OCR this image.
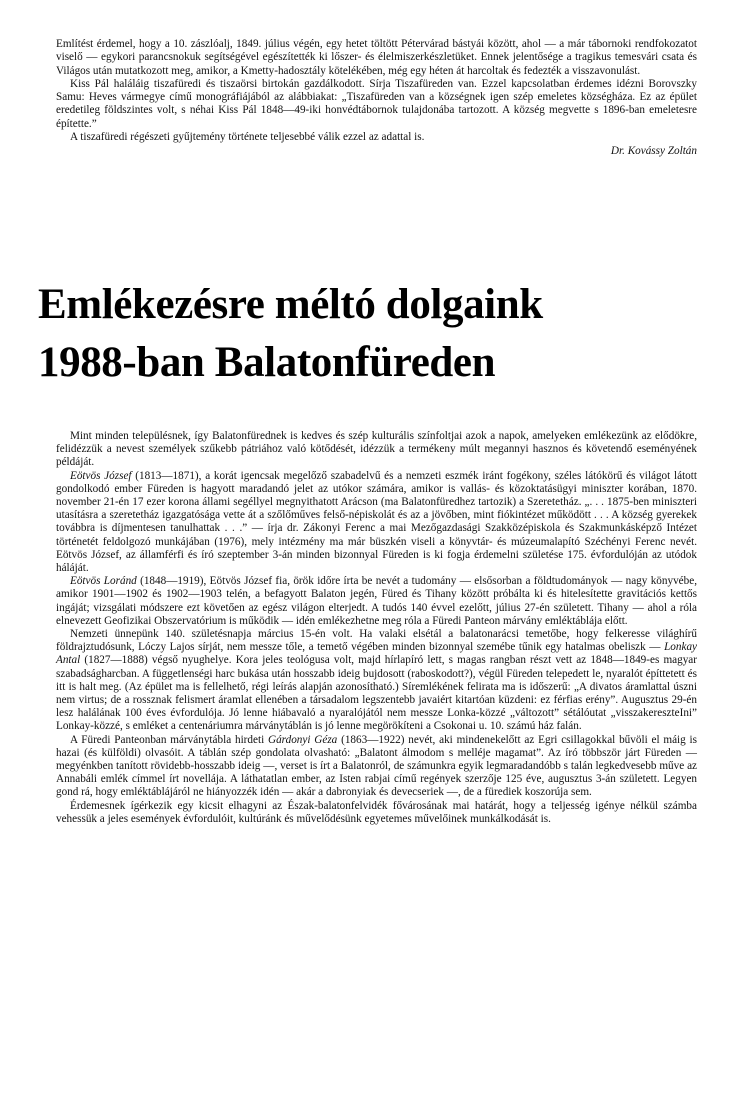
Említést érdemel, hogy a 10. zászlóalj, 1849. július végén, egy hetet töltött Pétervárad bástyái között, ahol — a már tábornoki rendfokozatot viselő — egykori parancsnokuk segítségével egészítették ki lőszer- és élelmiszerkészletüket. Ennek jelentősége a tragikus temesvári csata és Világos után mutatkozott meg, amikor, a Kmetty-hadosztály kötelékében, még egy héten át harcoltak és fedezték a visszavonulást.

Kiss Pál haláláig tiszafüredi és tiszaörsi birtokán gazdálkodott. Sírja Tiszafüreden van. Ezzel kapcsolatban érdemes idézni Borovszky Samu: Heves vármegye című monográfiájából az alábbiakat: „Tiszafüreden van a községnek igen szép emeletes községháza. Ez az épület eredetileg földszintes volt, s néhai Kiss Pál 1848—49-iki honvédtábornok tulajdonába tartozott. A község megvette s 1896-ban emeletesre építette.”

A tiszafüredi régészeti gyűjtemény története teljesebbé válik ezzel az adattal is.

Dr. Kovássy Zoltán

Emlékezésre méltó dolgaink
1988-ban Balatonfüreden

Mint minden településnek, így Balatonfürednek is kedves és szép kulturális színfoltjai azok a napok, amelyeken emlékezünk az elődökre, felidézzük a nevest személyek szűkebb pátriához való kötődését, idézzük a termékeny múlt megannyi hasznos és követendő eseményének példáját.

Eötvös József (1813—1871), a korát igencsak megelőző szabadelvű és a nemzeti eszmék iránt fogékony, széles látókörű és világot látott gondolkodó ember Füreden is hagyott maradandó jelet az utókor számára, amikor is vallás- és közoktatásügyi miniszter korában, 1870. november 21-én 17 ezer korona állami segéllyel megnyithatott Arácson (ma Balatonfüredhez tartozik) a Szeretetház. „. . . 1875-ben miniszteri utasításra a szeretetház igazgatósága vette át a szőlőműves felső-népiskolát és az a jövőben, mint fiókintézet működött . . . A község gyerekek továbbra is díjmentesen tanulhattak . . .” — írja dr. Zákonyi Ferenc a mai Mezőgazdasági Szakközépiskola és Szakmunkásképző Intézet történetét feldolgozó munkájában (1976), mely intézmény ma már büszkén viseli a könyvtár- és múzeumalapító Széchényi Ferenc nevét. Eötvös József, az államférfi és író szeptember 3-án minden bizonnyal Füreden is ki fogja érdemelni születése 175. évfordulóján az utódok háláját.

Eötvös Loránd (1848—1919), Eötvös József fia, örök időre írta be nevét a tudomány — elsősorban a földtudományok — nagy könyvébe, amikor 1901—1902 és 1902—1903 telén, a befagyott Balaton jegén, Füred és Tihany között próbálta ki és hitelesítette gravitációs kettős ingáját; vizsgálati módszere ezt követően az egész világon elterjedt. A tudós 140 évvel ezelőtt, július 27-én született. Tihany — ahol a róla elnevezett Geofizikai Obszervatórium is működik — idén emlékezhetne meg róla a Füredi Panteon márvány emléktáblája előtt.

Nemzeti ünnepünk 140. születésnapja március 15-én volt. Ha valaki elsétál a balatonarácsi temetőbe, hogy felkeresse világhírű földrajztudósunk, Lóczy Lajos sírját, nem messze tőle, a temető végében minden bizonnyal szemébe tűnik egy hatalmas obeliszk — Lonkay Antal (1827—1888) végső nyughelye. Kora jeles teológusa volt, majd hírlapíró lett, s magas rangban részt vett az 1848—1849-es magyar szabadságharcban. A függetlenségi harc bukása után hosszabb ideig bujdosott (raboskodott?), végül Füreden telepedett le, nyaralót építtetett és itt is halt meg. (Az épület ma is fellelhető, régi leírás alapján azonosítható.) Síremlékének felirata ma is időszerű: „A divatos áramlattal úszni nem virtus; de a rossznak felismert áramlat ellenében a társadalom legszentebb javaiért kitartóan küzdeni: ez férfias erény”. Augusztus 29-én lesz halálának 100 éves évfordulója. Jó lenne hiábavaló a nyaralójától nem messze Lonka-közzé „változott” sétálóutat „visszakereszteIni” Lonkay-közzé, s emléket a centenáriumra márványtáblán is jó lenne megörökíteni a Csokonai u. 10. számú ház falán.

A Füredi Panteonban márványtábla hirdeti Gárdonyi Géza (1863—1922) nevét, aki mindenekelőtt az Egri csillagokkal bűvöli el máig is hazai (és külföldi) olvasóit. A táblán szép gondolata olvasható: „Balatont álmodom s melléje magamat”. Az író többször járt Füreden — megyénkben tanított rövidebb-hosszabb ideig —, verset is írt a Balatonról, de számunkra egyik legmaradandóbb s talán legkedvesebb műve az Annabáli emlék címmel írt novellája. A láthatatlan ember, az Isten rabjai című regények szerzője 125 éve, augusztus 3-án született. Legyen gond rá, hogy emléktáblájáról ne hiányozzék idén — akár a dabronyiak és devecseriek —, de a fürediek koszorúja sem.

Érdemesnek ígérkezik egy kicsit elhagyni az Észak-balatonfelvidék fővárosának mai határát, hogy a teljesség igénye nélkül számba vehessük a jeles események évfordulóit, kultúránk és művelődésünk egyetemes művelőinek munkálkodását is.
